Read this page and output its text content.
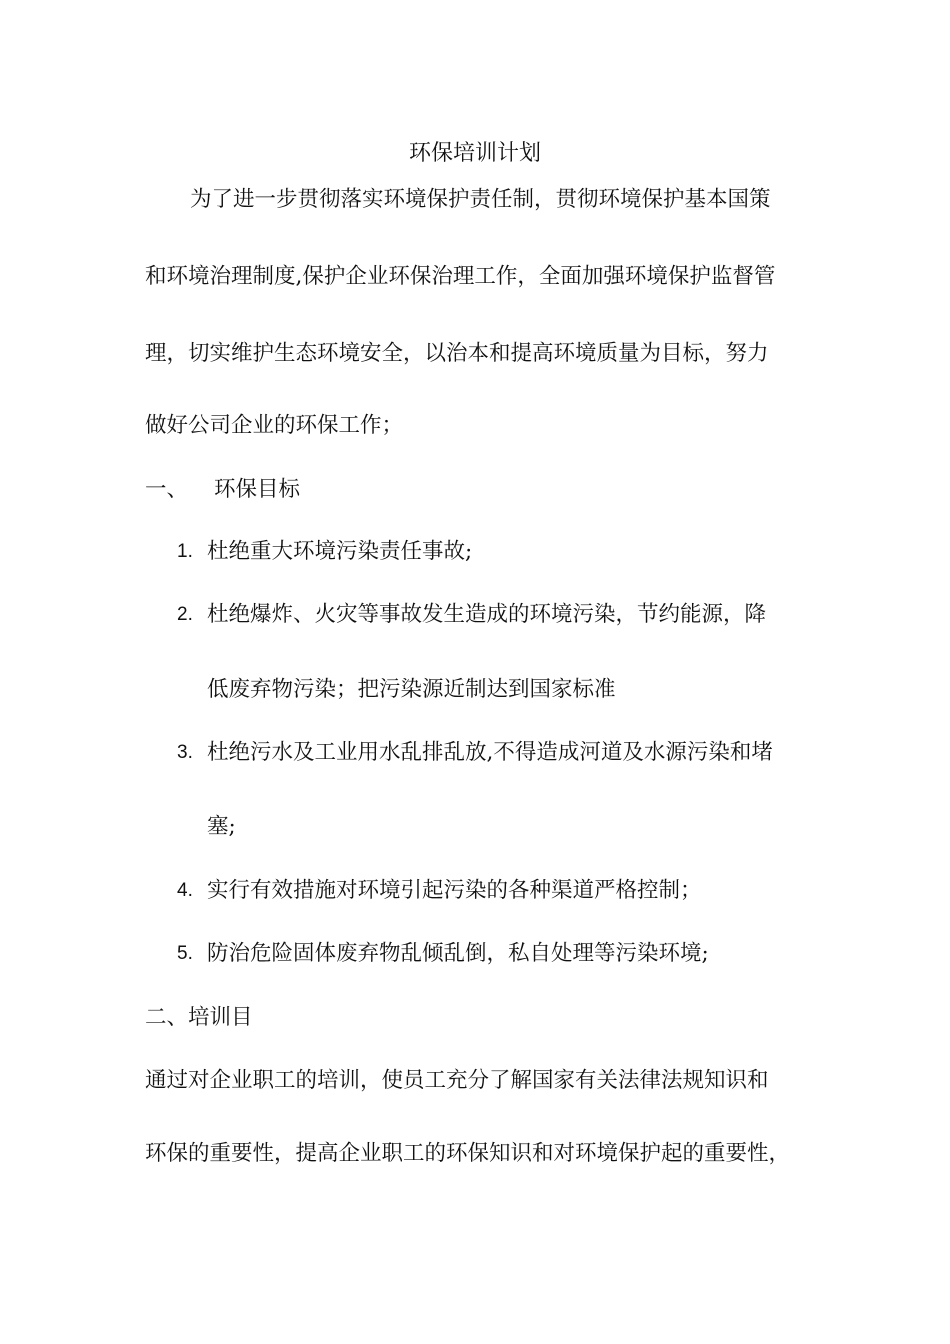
环保培训计划
为了进一步贯彻落实环境保护责任制，贯彻环境保护基本国策
和环境治理制度,保护企业环保治理工作，全面加强环境保护监督管
理，切实维护生态环境安全，以治本和提高环境质量为目标，努力
做好公司企业的环保工作；
一、 环保目标
1. 杜绝重大环境污染责任事故;
2. 杜绝爆炸、火灾等事故发生造成的环境污染，节约能源，降
低废弃物污染；把污染源近制达到国家标准
3. 杜绝污水及工业用水乱排乱放,不得造成河道及水源污染和堵
塞;
4. 实行有效措施对环境引起污染的各种渠道严格控制；
5. 防治危险固体废弃物乱倾乱倒，私自处理等污染环境;
二、培训目
通过对企业职工的培训，使员工充分了解国家有关法律法规知识和
环保的重要性，提高企业职工的环保知识和对环境保护起的重要性，
